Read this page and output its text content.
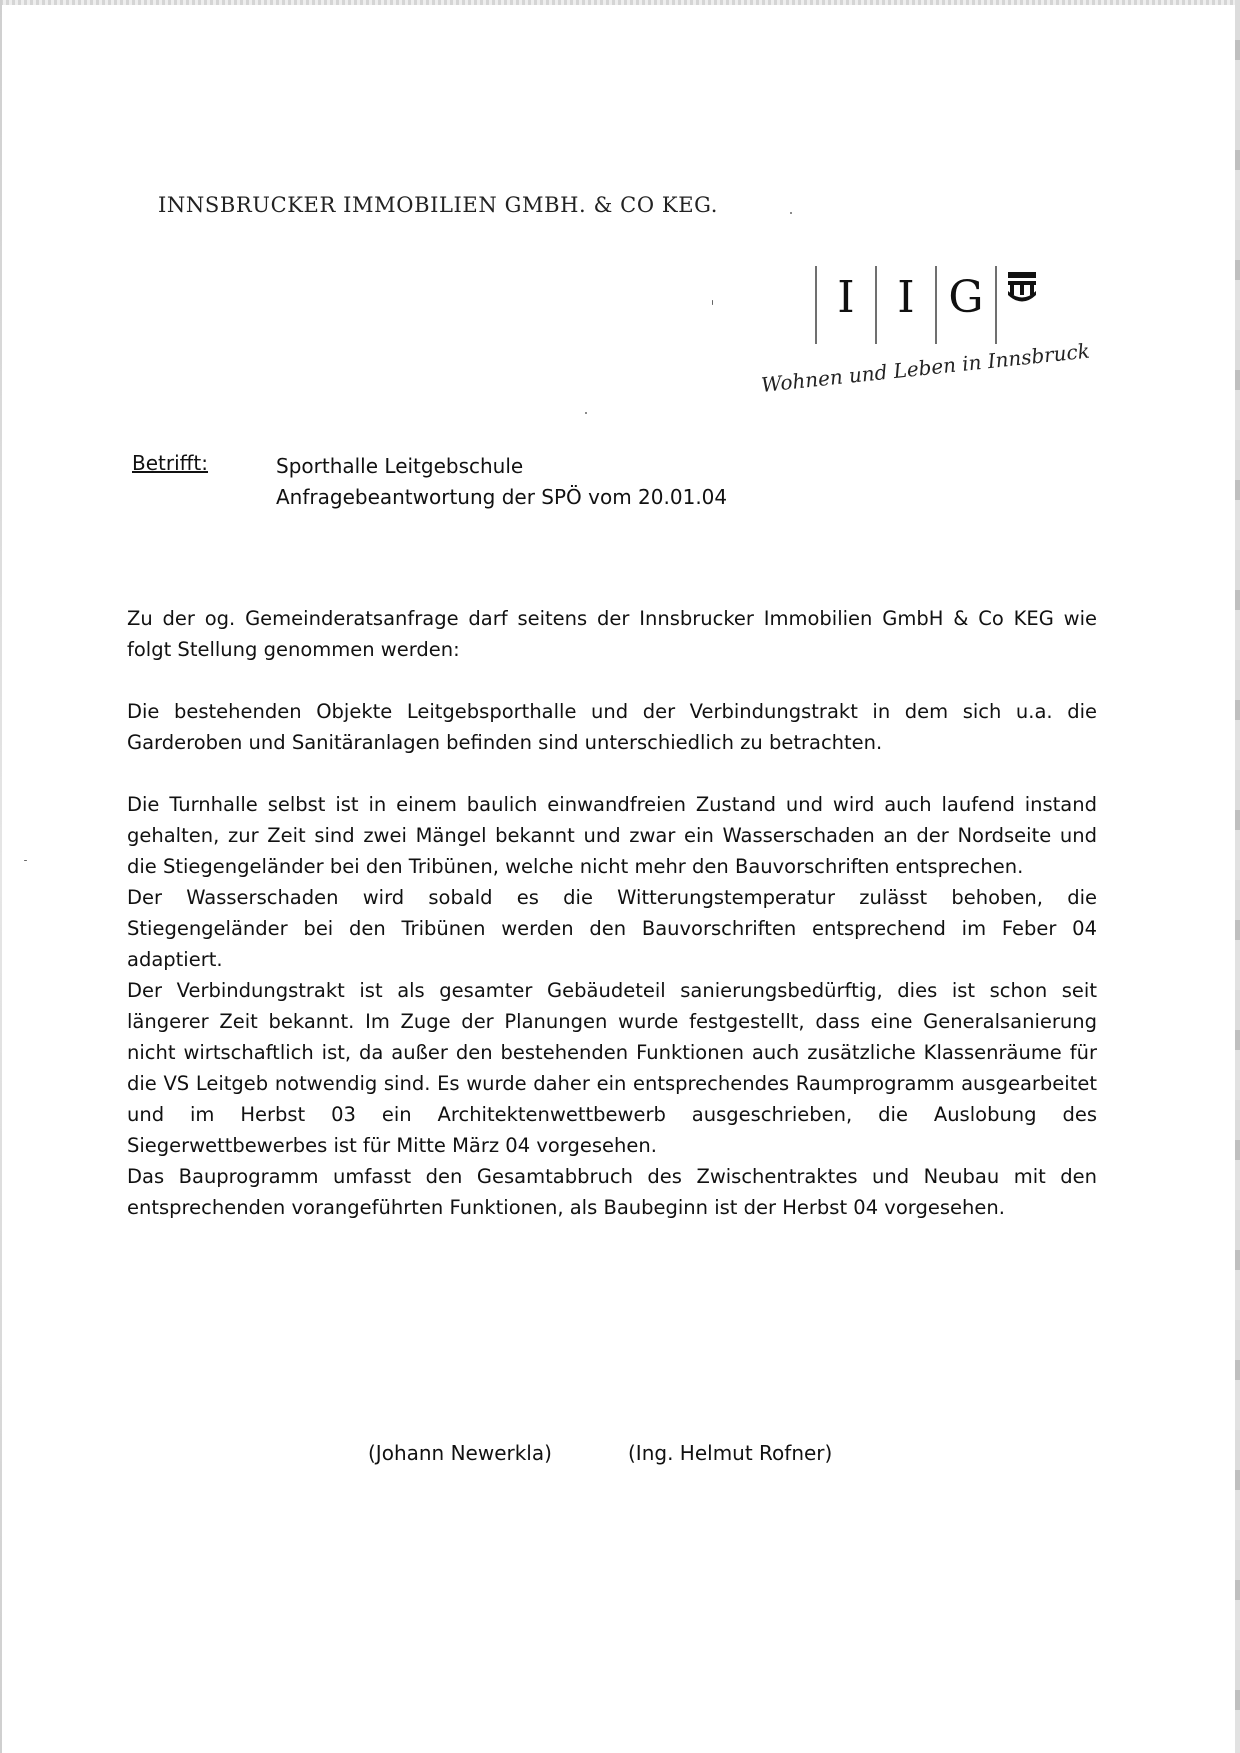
INNSBRUCKER IMMOBILIEN GMBH. & CO KEG.
I I G
Wohnen und Leben in Innsbruck
Betrifft:	Sporthalle Leitgebschule
Anfragebeantwortung der SPÖ vom 20.01.04

Zu der og. Gemeinderatsanfrage darf seitens der Innsbrucker Immobilien GmbH & Co KEG wie folgt Stellung genommen werden:

Die bestehenden Objekte Leitgebsporthalle und der Verbindungstrakt in dem sich u.a. die Garderoben und Sanitäranlagen befinden sind unterschiedlich zu betrachten.

Die Turnhalle selbst ist in einem baulich einwandfreien Zustand und wird auch laufend instand gehalten, zur Zeit sind zwei Mängel bekannt und zwar ein Wasserschaden an der Nordseite und die Stiegengeländer bei den Tribünen, welche nicht mehr den Bauvorschriften entsprechen.

Der Wasserschaden wird sobald es die Witterungstemperatur zulässt behoben, die Stiegengeländer bei den Tribünen werden den Bauvorschriften entsprechend im Feber 04 adaptiert.

Der Verbindungstrakt ist als gesamter Gebäudeteil sanierungsbedürftig, dies ist schon seit längerer Zeit bekannt. Im Zuge der Planungen wurde festgestellt, dass eine Generalsanierung nicht wirtschaftlich ist, da außer den bestehenden Funktionen auch zusätzliche Klassenräume für die VS Leitgeb notwendig sind. Es wurde daher ein entsprechendes Raumprogramm ausgearbeitet und im Herbst 03 ein Architektenwettbewerb ausgeschrieben, die Auslobung des Siegerwettbewerbes ist für Mitte März 04 vorgesehen.

Das Bauprogramm umfasst den Gesamtabbruch des Zwischentraktes und Neubau mit den entsprechenden vorangeführten Funktionen, als Baubeginn ist der Herbst 04 vorgesehen.

(Johann Newerkla)	(Ing. Helmut Rofner)
